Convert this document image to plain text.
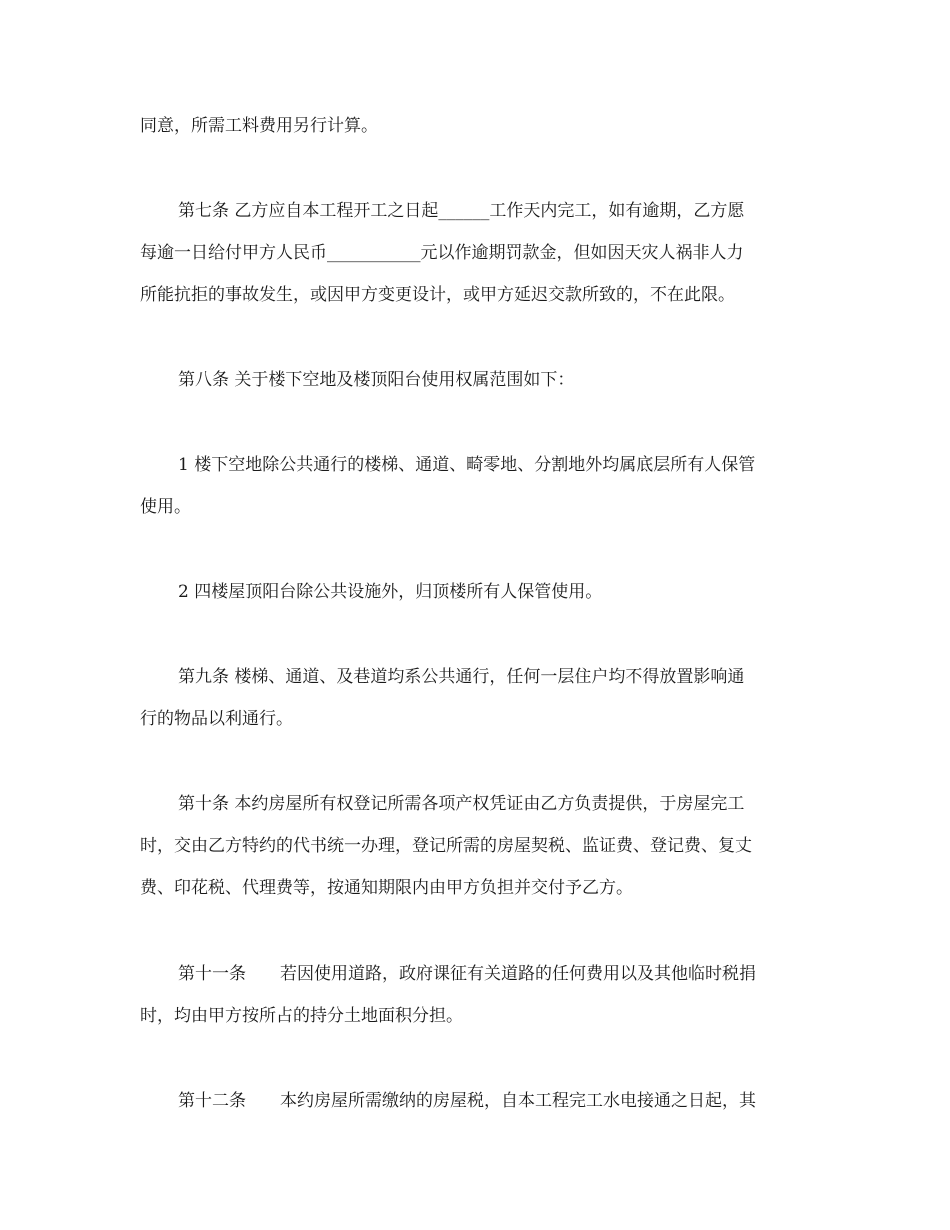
同意，所需工料费用另行计算。
第七条 乙方应自本工程开工之日起______工作天内完工，如有逾期，乙方愿
每逾一日给付甲方人民币___________元以作逾期罚款金，但如因天灾人祸非人力
所能抗拒的事故发生，或因甲方变更设计，或甲方延迟交款所致的，不在此限。
第八条 关于楼下空地及楼顶阳台使用权属范围如下：
1 楼下空地除公共通行的楼梯、通道、畸零地、分割地外均属底层所有人保管
使用。
2 四楼屋顶阳台除公共设施外，归顶楼所有人保管使用。
第九条 楼梯、通道、及巷道均系公共通行，任何一层住户均不得放置影响通
行的物品以利通行。
第十条 本约房屋所有权登记所需各项产权凭证由乙方负责提供，于房屋完工
时，交由乙方特约的代书统一办理，登记所需的房屋契税、监证费、登记费、复丈
费、印花税、代理费等，按通知期限内由甲方负担并交付予乙方。
第十一条　　若因使用道路，政府课征有关道路的任何费用以及其他临时税捐
时，均由甲方按所占的持分土地面积分担。
第十二条　　本约房屋所需缴纳的房屋税，自本工程完工水电接通之日起，其
